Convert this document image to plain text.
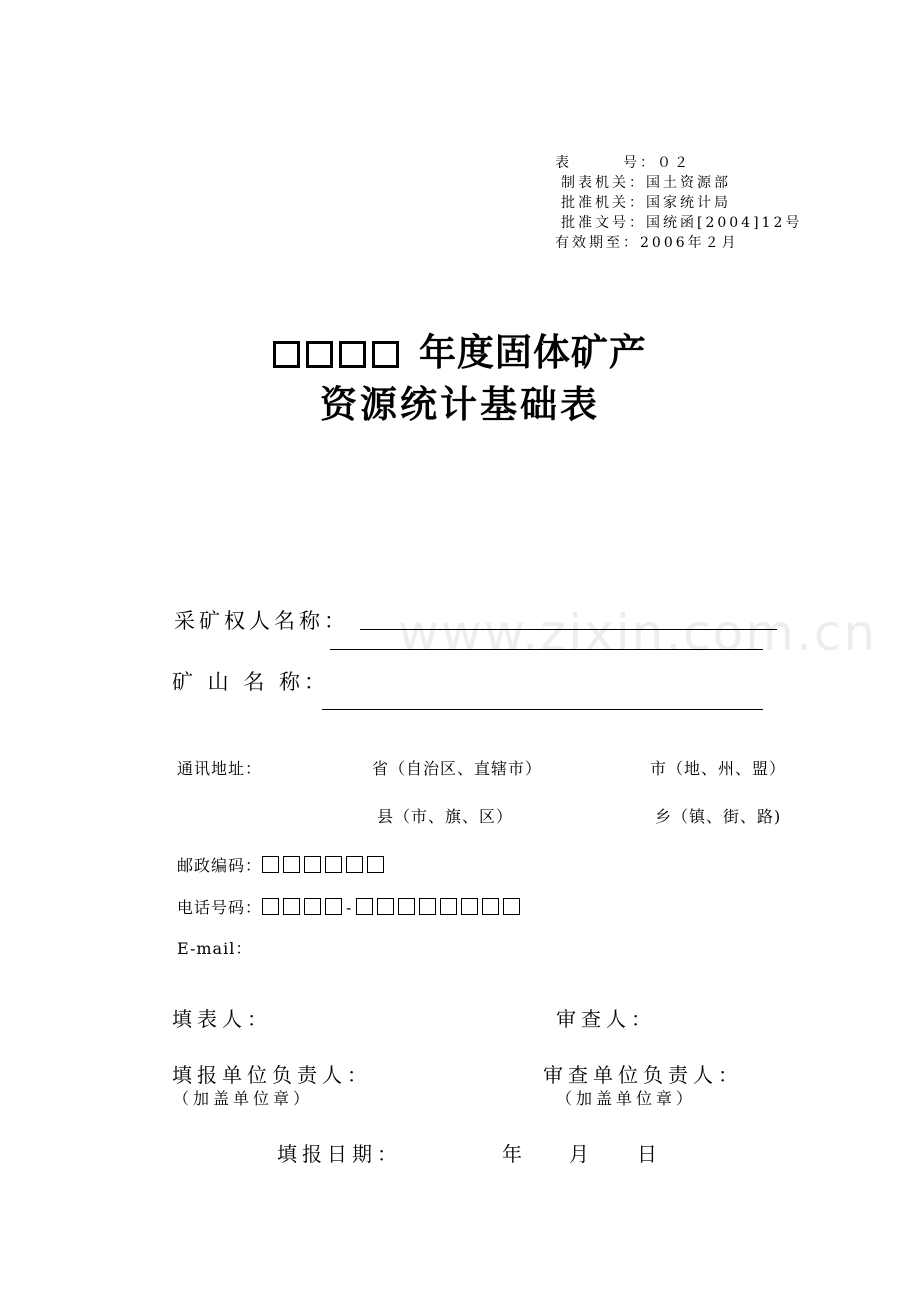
表　　　号：０２
制表机关：国土资源部
批准机关：国家统计局
批准文号：国统函[2004]12号
有效期至：2006年２月
年度固体矿产
资源统计基础表
www.zixin.com.cn
采矿权人名称：
矿 山 名 称：
通讯地址：	省（自治区、直辖市）	市（地、州、盟）
县（市、旗、区）	乡（镇、街、路)
邮政编码：
电话号码：	-
E-mail：
填表人：	审查人：
填报单位负责人：	审查单位负责人：
（加盖单位章）	（加盖单位章）
填报日期：	年 月 日
